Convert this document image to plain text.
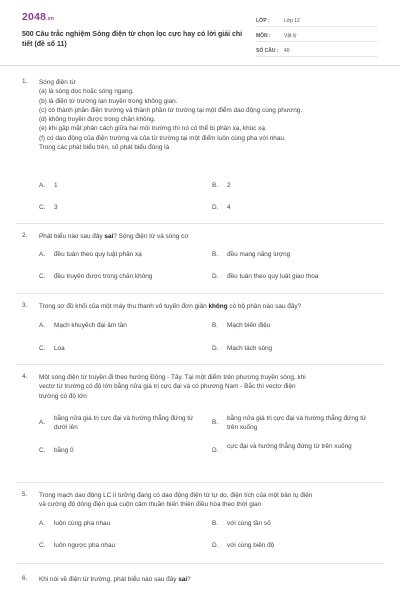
2048.vn
500 Câu trắc nghiệm Sóng điện từ chọn lọc cực hay có lời giải chi tiết (đề số 11)
LỚP :	Lớp 12
MÔN :	Vật lý
SỐ CÂU :	40
1. Sóng điện từ
(a) là sóng dọc hoặc sóng ngang.
(b) là điện từ trường lan truyền trong không gian.
(c) có thành phần điện trường và thành phần từ trường tại một điểm dao động cùng phương.
(d) không truyền được trong chân không.
(e) khi gặp mặt phân cách giữa hai môi trường thì nó có thể bị phản xạ, khúc xạ.
(f) có dao động của điện trường và của từ trường tại một điểm luôn cùng pha với nhau.
Trong các phát biểu trên, số phát biểu đúng là
A.	1	B.	2
C.	3	D.	4
2. Phát biểu nào sau đây sai? Sóng điện từ và sóng cơ
A.	đều tuân theo quy luật phản xạ	B.	đều mang năng lượng
C.	đều truyền được trong chân không	D.	đều tuân theo quy luật giao thoa
3. Trong sơ đồ khối của một máy thu thanh vô tuyến đơn giản không có bộ phận nào sau đây?
A.	Mạch khuyếch đại âm tần	B.	Mạch biến điệu
C.	Loa	D.	Mạch tách sóng
4. Một sóng điện từ truyền đi theo hướng Đông - Tây. Tại một điểm trên phương truyền sóng, khi
vectơ từ trường có độ lớn bằng nửa giá trị cực đại và có phương Nam - Bắc thì vectơ điện
trường có độ lớn
A.
bằng nửa giá trị cực đại và hướng thẳng đứng từ dưới lên
B.
bằng nửa giá trị cực đại và hướng thẳng đứng từ trên xuống
C.	bằng 0	D.
cực đại và hướng thẳng đứng từ trên xuống
5. Trong mạch dao động LC lí tưởng đang có dao động điện từ tự do, điện tích của một bản tụ điện
và cường độ dòng điện qua cuộn cảm thuần biến thiên điều hòa theo thời gian
A.	luôn cùng pha nhau	B.	với cùng tần số
C.	luôn ngược pha nhau	D.	với cùng biên độ
6. Khi nói về điện từ trường, phát biểu nào sau đây sai?
